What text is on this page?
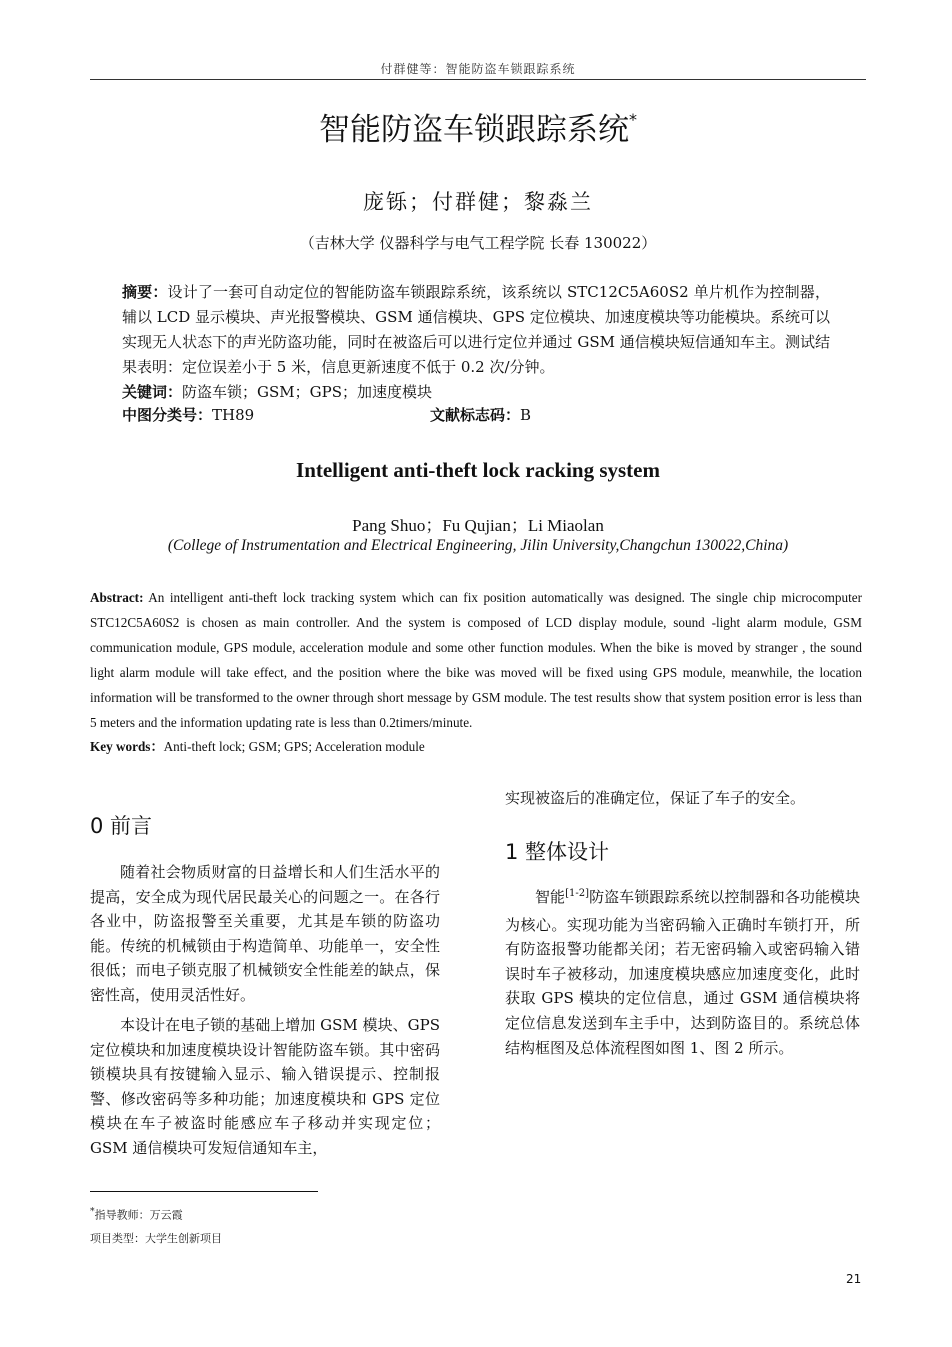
付群健等：智能防盗车锁跟踪系统
智能防盗车锁跟踪系统*
庞铄；付群健；黎淼兰
（吉林大学 仪器科学与电气工程学院 长春 130022）
摘要：设计了一套可自动定位的智能防盗车锁跟踪系统，该系统以 STC12C5A60S2 单片机作为控制器，辅以 LCD 显示模块、声光报警模块、GSM 通信模块、GPS 定位模块、加速度模块等功能模块。系统可以实现无人状态下的声光防盗功能，同时在被盗后可以进行定位并通过 GSM 通信模块短信通知车主。测试结果表明：定位误差小于 5 米，信息更新速度不低于 0.2 次/分钟。
关键词：防盗车锁；GSM；GPS；加速度模块
中图分类号：TH89	文献标志码：B
Intelligent anti-theft lock racking system
Pang Shuo；Fu Qujian；Li Miaolan
(College of Instrumentation and Electrical Engineering, Jilin University,Changchun 130022,China)
Abstract: An intelligent anti-theft lock tracking system which can fix position automatically was designed. The single chip microcomputer STC12C5A60S2 is chosen as main controller. And the system is composed of LCD display module, sound -light alarm module, GSM communication module, GPS module, acceleration module and some other function modules. When the bike is moved by stranger , the sound light alarm module will take effect, and the position where the bike was moved will be fixed using GPS module, meanwhile, the location information will be transformed to the owner through short message by GSM module. The test results show that system position error is less than 5 meters and the information updating rate is less than 0.2timers/minute.
Key words：Anti-theft lock; GSM; GPS; Acceleration module
0 前言
随着社会物质财富的日益增长和人们生活水平的提高，安全成为现代居民最关心的问题之一。在各行各业中，防盗报警至关重要，尤其是车锁的防盗功能。传统的机械锁由于构造简单、功能单一，安全性很低；而电子锁克服了机械锁安全性能差的缺点，保密性高，使用灵活性好。
本设计在电子锁的基础上增加 GSM 模块、GPS 定位模块和加速度模块设计智能防盗车锁。其中密码锁模块具有按键输入显示、输入错误提示、控制报警、修改密码等多种功能；加速度模块和 GPS 定位模块在车子被盗时能感应车子移动并实现定位；GSM 通信模块可发短信通知车主，
实现被盗后的准确定位，保证了车子的安全。
1 整体设计
智能[1-2]防盗车锁跟踪系统以控制器和各功能模块为核心。实现功能为当密码输入正确时车锁打开，所有防盗报警功能都关闭；若无密码输入或密码输入错误时车子被移动，加速度模块感应加速度变化，此时获取 GPS 模块的定位信息，通过 GSM 通信模块将定位信息发送到车主手中，达到防盗目的。系统总体结构框图及总体流程图如图 1、图 2 所示。
*指导教师：万云霞
项目类型：大学生创新项目
21
